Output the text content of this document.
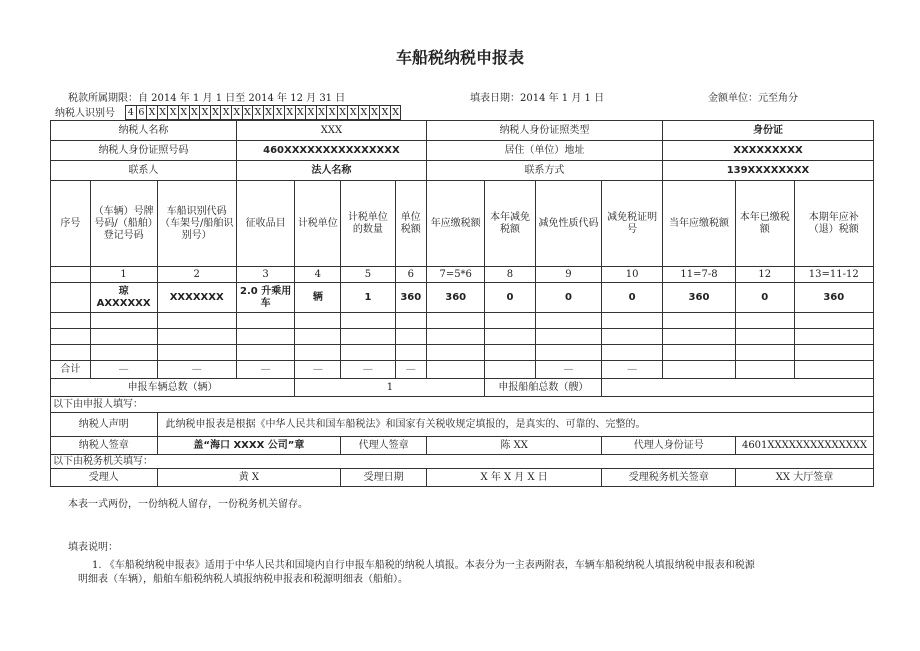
车船税纳税申报表
税款所属期限：自 2014 年 1 月 1 日至 2014 年 12 月 31 日	填表日期：2014 年 1 月 1 日	金额单位：元至角分
纳税人识别号 4 6 X X X X X X X X X X X X X X X X X X X X X X X X
纳税人名称			XXX				纳税人身份证照类型				身份证		
纳税人身份证照号码			460XXXXXXXXXXXXXXX				居住（单位）地址				XXXXXXXXX		
联系人			法人名称				联系方式				139XXXXXXXX		
序号	（车辆）号牌号码/（船舶）登记号码	车船识别代码（车架号/船舶识别号）	征收品目	计税单位	计税单位的数量	单位税额	年应缴税额	本年减免税额	减免性质代码	减免税证明号	当年应缴税额	本年已缴税额	本期年应补（退）税额
	1	2	3	4	5	6	7=5*6	8	9	10	11=7-8	12	13=11-12
	琼 AXXXXXX	XXXXXXX	2.0 升乘用车	辆	1	360	360	0	0	0	360	0	360

合计	—	—	—	—	—	—			—	—			
申报车辆总数（辆）				1				申报船舶总数（艘）					
以下由申报人填写：													
纳税人声明		此纳税申报表是根据《中华人民共和国车船税法》和国家有关税收规定填报的，是真实的、可靠的、完整的。											
纳税人签章		盖“海口 XXXX 公司”章			代理人签章		陈 XX			代理人身份证号		4601XXXXXXXXXXXXXX	
以下由税务机关填写：													
受理人		黄 X			受理日期		X 年 X 月 X 日			受理税务机关签章		XX 大厅签章	
本表一式两份，一份纳税人留存，一份税务机关留存。
填表说明：
1. 《车船税纳税申报表》适用于中华人民共和国境内自行申报车船税的纳税人填报。本表分为一主表两附表，车辆车船税纳税人填报纳税申报表和税源
明细表（车辆），船舶车船税纳税人填报纳税申报表和税源明细表（船舶）。
